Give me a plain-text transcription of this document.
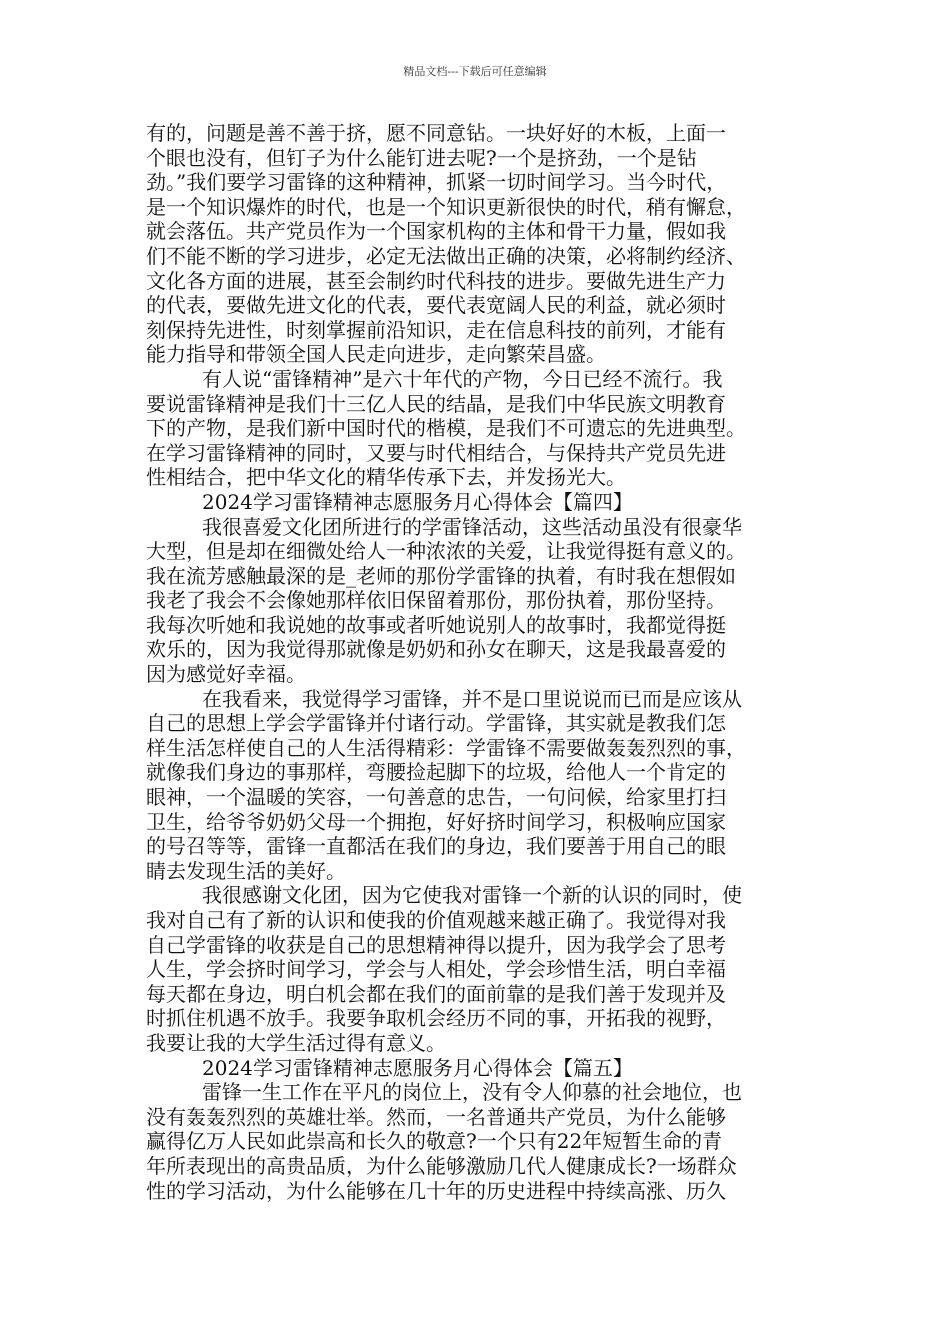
精品文档---下载后可任意编辑
有的，问题是善不善于挤，愿不同意钻。一块好好的木板，上面一
个眼也没有，但钉子为什么能钉进去呢?一个是挤劲，一个是钻
劲。”我们要学习雷锋的这种精神，抓紧一切时间学习。当今时代，
是一个知识爆炸的时代，也是一个知识更新很快的时代，稍有懈怠，
就会落伍。共产党员作为一个国家机构的主体和骨干力量，假如我
们不能不断的学习进步，必定无法做出正确的决策，必将制约经济、
文化各方面的进展，甚至会制约时代科技的进步。要做先进生产力
的代表，要做先进文化的代表，要代表宽阔人民的利益，就必须时
刻保持先进性，时刻掌握前沿知识，走在信息科技的前列，才能有
能力指导和带领全国人民走向进步，走向繁荣昌盛。
有人说“雷锋精神”是六十年代的产物，今日已经不流行。我
要说雷锋精神是我们十三亿人民的结晶，是我们中华民族文明教育
下的产物，是我们新中国时代的楷模，是我们不可遗忘的先进典型。
在学习雷锋精神的同时，又要与时代相结合，与保持共产党员先进
性相结合，把中华文化的精华传承下去，并发扬光大。
2024学习雷锋精神志愿服务月心得体会【篇四】
我很喜爱文化团所进行的学雷锋活动，这些活动虽没有很豪华
大型，但是却在细微处给人一种浓浓的关爱，让我觉得挺有意义的。
我在流芳感触最深的是_老师的那份学雷锋的执着，有时我在想假如
我老了我会不会像她那样依旧保留着那份，那份执着，那份坚持。
我每次听她和我说她的故事或者听她说别人的故事时，我都觉得挺
欢乐的，因为我觉得那就像是奶奶和孙女在聊天，这是我最喜爱的
因为感觉好幸福。
在我看来，我觉得学习雷锋，并不是口里说说而已而是应该从
自己的思想上学会学雷锋并付诸行动。学雷锋，其实就是教我们怎
样生活怎样使自己的人生活得精彩：学雷锋不需要做轰轰烈烈的事，
就像我们身边的事那样，弯腰捡起脚下的垃圾，给他人一个肯定的
眼神，一个温暖的笑容，一句善意的忠告，一句问候，给家里打扫
卫生，给爷爷奶奶父母一个拥抱，好好挤时间学习，积极响应国家
的号召等等，雷锋一直都活在我们的身边，我们要善于用自己的眼
睛去发现生活的美好。
我很感谢文化团，因为它使我对雷锋一个新的认识的同时，使
我对自己有了新的认识和使我的价值观越来越正确了。我觉得对我
自己学雷锋的收获是自己的思想精神得以提升，因为我学会了思考
人生，学会挤时间学习，学会与人相处，学会珍惜生活，明白幸福
每天都在身边，明白机会都在我们的面前靠的是我们善于发现并及
时抓住机遇不放手。我要争取机会经历不同的事，开拓我的视野，
我要让我的大学生活过得有意义。
2024学习雷锋精神志愿服务月心得体会【篇五】
雷锋一生工作在平凡的岗位上，没有令人仰慕的社会地位，也
没有轰轰烈烈的英雄壮举。然而，一名普通共产党员，为什么能够
赢得亿万人民如此崇高和长久的敬意?一个只有22年短暂生命的青
年所表现出的高贵品质，为什么能够激励几代人健康成长?一场群众
性的学习活动，为什么能够在几十年的历史进程中持续高涨、历久
